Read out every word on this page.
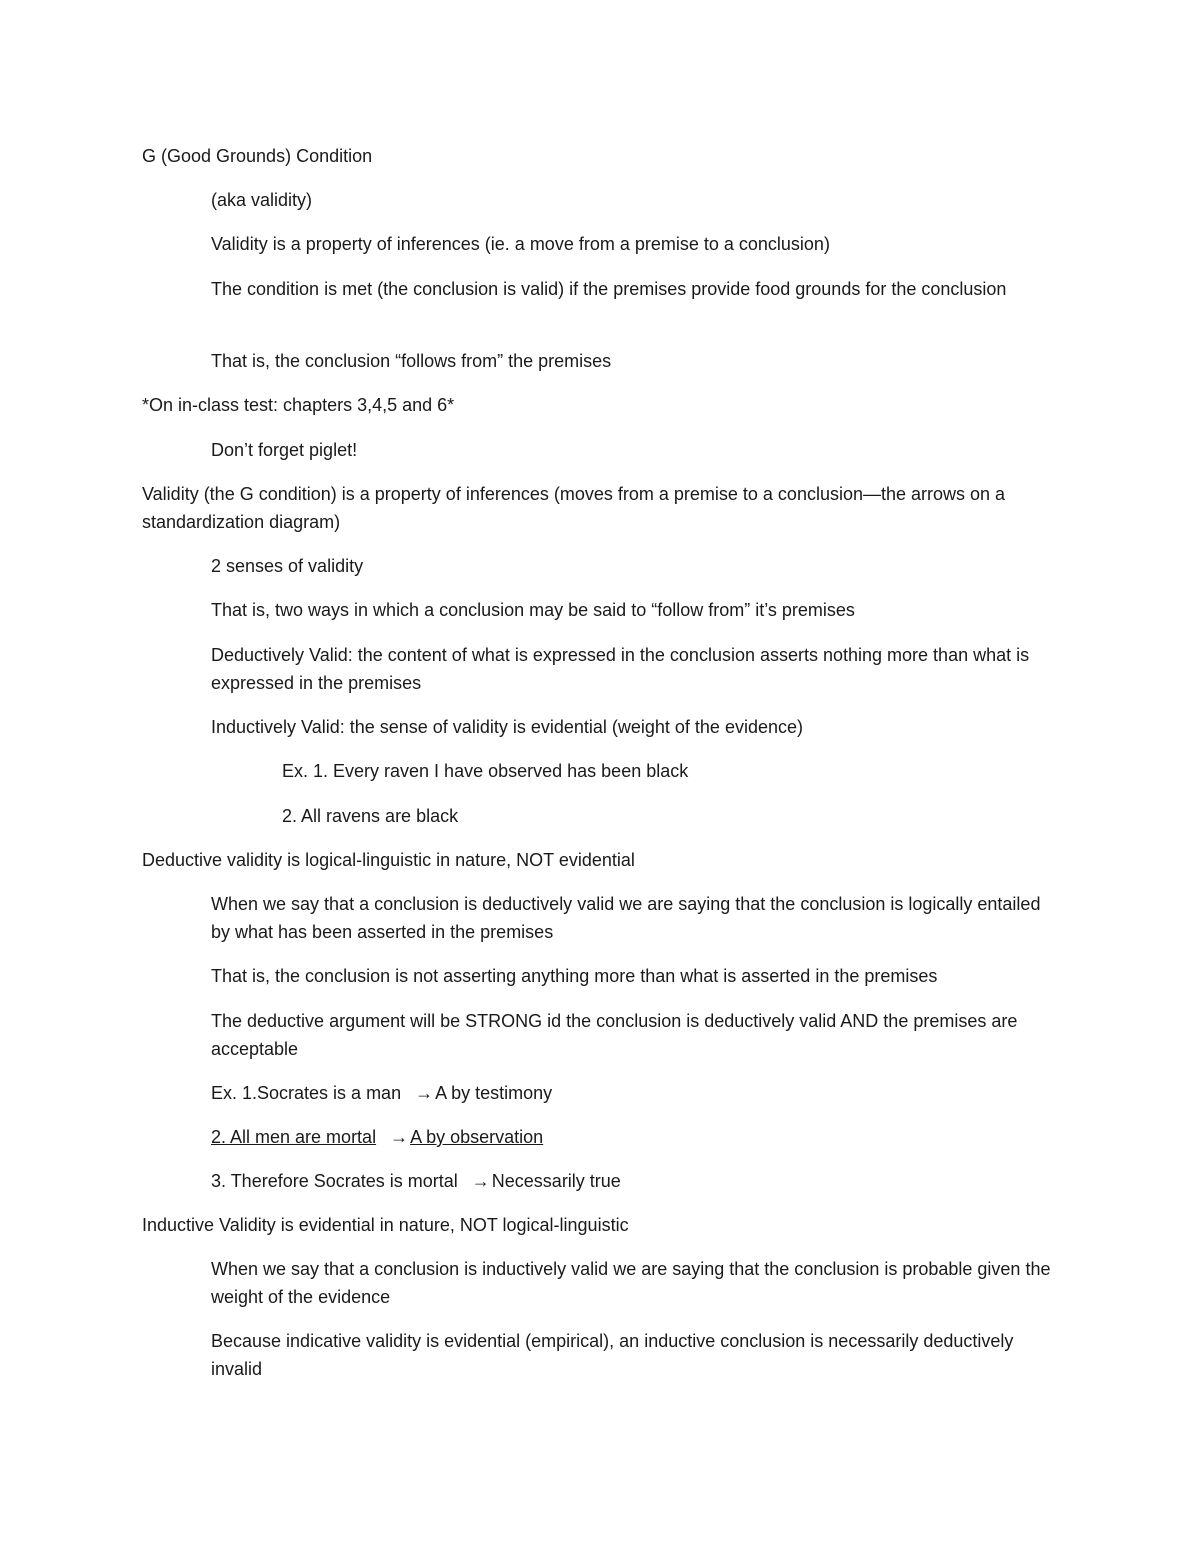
G (Good Grounds) Condition

(aka validity)

Validity is a property of inferences (ie. a move from a premise to a conclusion)

The condition is met (the conclusion is valid) if the premises provide food grounds for the conclusion

That is, the conclusion “follows from” the premises

*On in-class test: chapters 3,4,5 and 6*

Don’t forget piglet!

Validity (the G condition) is a property of inferences (moves from a premise to a conclusion—the arrows on a standardization diagram)

2 senses of validity

That is, two ways in which a conclusion may be said to “follow from” it’s premises

Deductively Valid: the content of what is expressed in the conclusion asserts nothing more than what is expressed in the premises

Inductively Valid: the sense of validity is evidential (weight of the evidence)

Ex. 1. Every raven I have observed has been black

2. All ravens are black

Deductive validity is logical-linguistic in nature, NOT evidential

When we say that a conclusion is deductively valid we are saying that the conclusion is logically entailed by what has been asserted in the premises

That is, the conclusion is not asserting anything more than what is asserted in the premises

The deductive argument will be STRONG id the conclusion is deductively valid AND the premises are acceptable

Ex. 1.Socrates is a man → A by testimony

2. All men are mortal → A by observation

3. Therefore Socrates is mortal → Necessarily true

Inductive Validity is evidential in nature, NOT logical-linguistic

When we say that a conclusion is inductively valid we are saying that the conclusion is probable given the weight of the evidence

Because indicative validity is evidential (empirical), an inductive conclusion is necessarily deductively invalid
